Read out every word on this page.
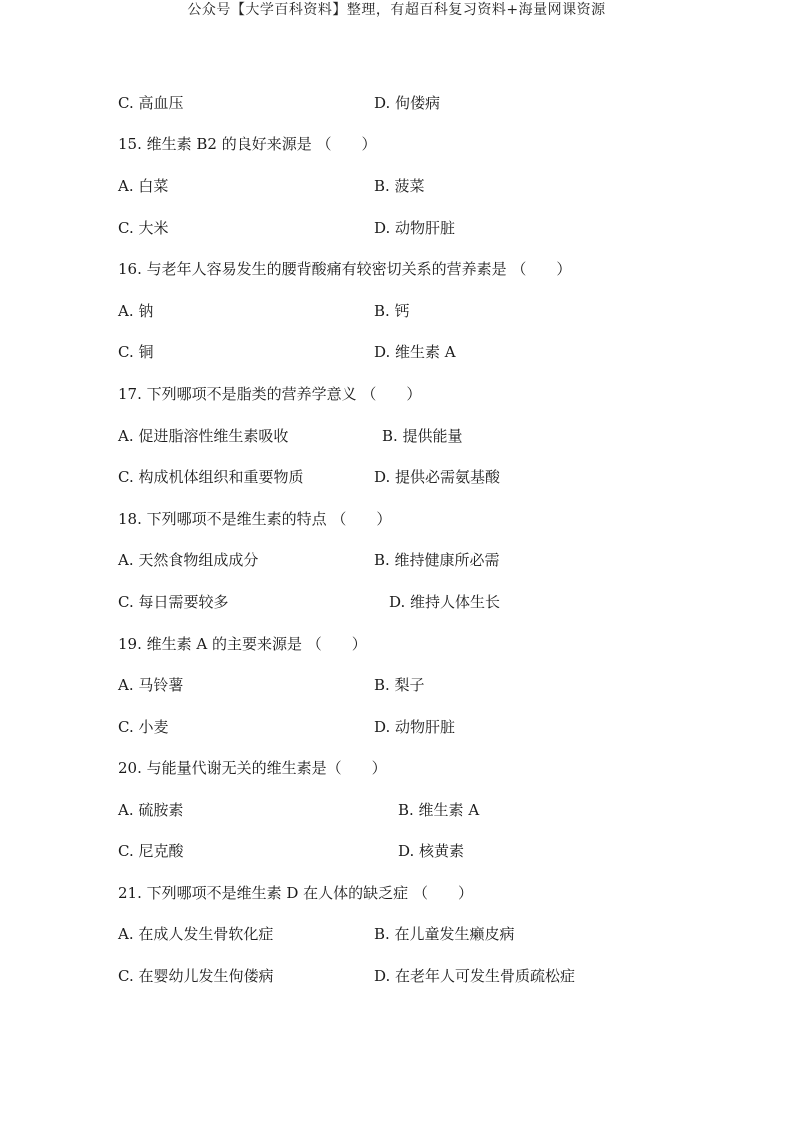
公众号【大学百科资料】整理，有超百科复习资料+海量网课资源
C. 高血压	D. 佝偻病
15. 维生素 B2 的良好来源是 （　　）
A. 白菜	B. 菠菜
C. 大米	D. 动物肝脏
16. 与老年人容易发生的腰背酸痛有较密切关系的营养素是 （　　）
A. 钠	B. 钙
C. 铜	D. 维生素 A
17. 下列哪项不是脂类的营养学意义 （　　）
A. 促进脂溶性维生素吸收	B. 提供能量
C. 构成机体组织和重要物质	D. 提供必需氨基酸
18. 下列哪项不是维生素的特点 （　　）
A. 天然食物组成成分	B. 维持健康所必需
C. 每日需要较多	D. 维持人体生长
19. 维生素 A 的主要来源是 （　　）
A. 马铃薯	B. 梨子
C. 小麦	D. 动物肝脏
20. 与能量代谢无关的维生素是（　　）
A. 硫胺素	B. 维生素 A
C. 尼克酸	D. 核黄素
21. 下列哪项不是维生素 D 在人体的缺乏症 （　　）
A. 在成人发生骨软化症	B. 在儿童发生癞皮病
C. 在婴幼儿发生佝偻病	D. 在老年人可发生骨质疏松症
